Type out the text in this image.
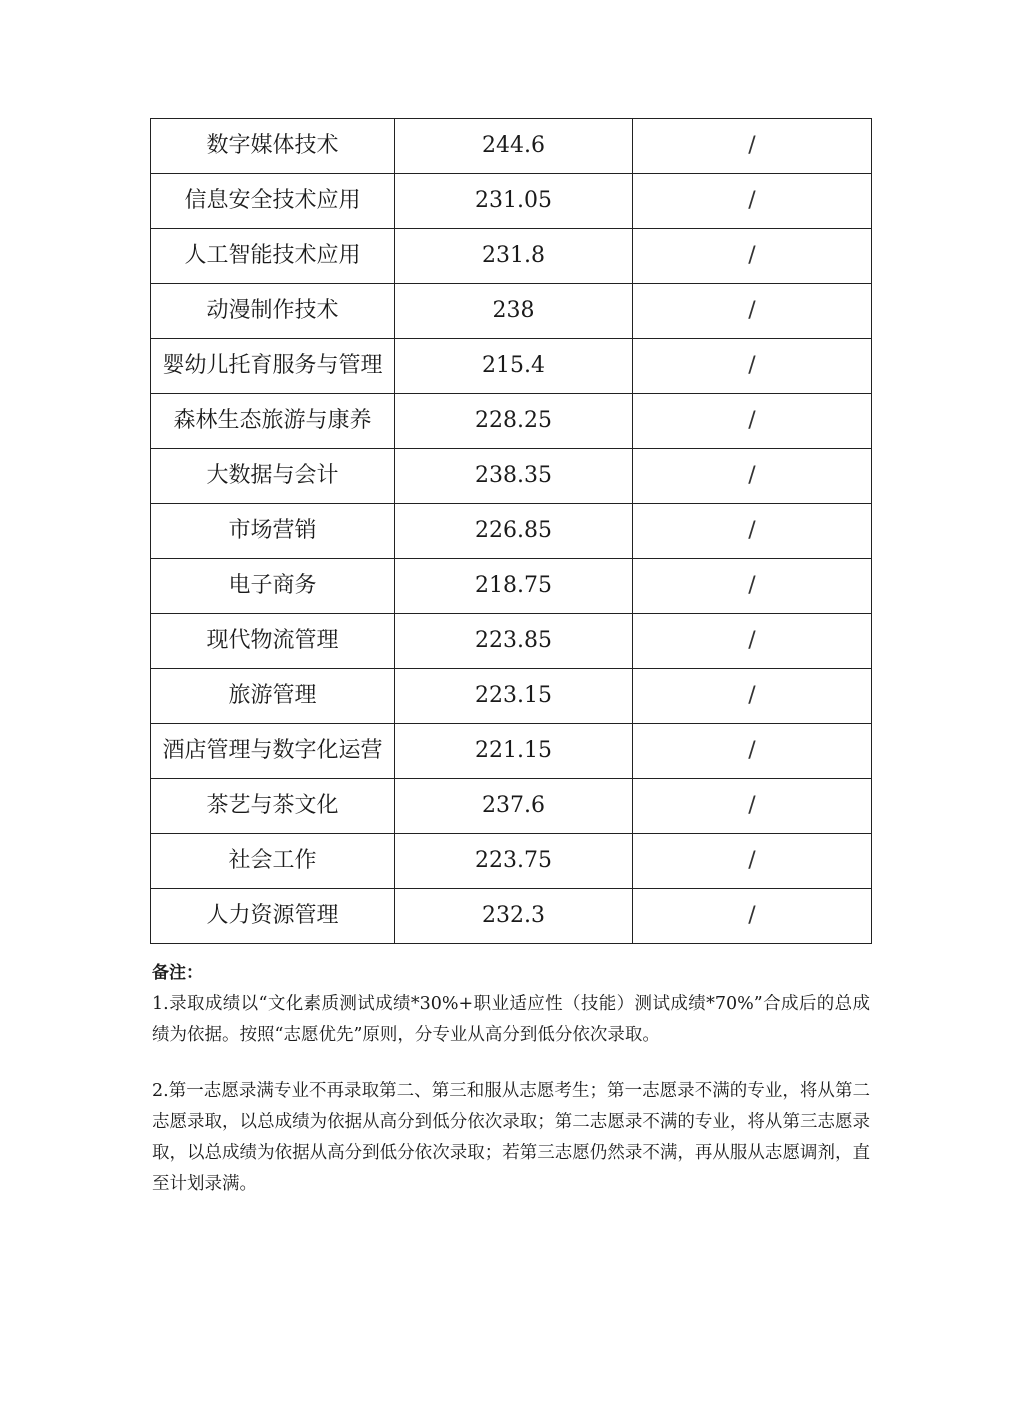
数字媒体技术	244.6	/
信息安全技术应用	231.05	/
人工智能技术应用	231.8	/
动漫制作技术	238	/
婴幼儿托育服务与管理	215.4	/
森林生态旅游与康养	228.25	/
大数据与会计	238.35	/
市场营销	226.85	/
电子商务	218.75	/
现代物流管理	223.85	/
旅游管理	223.15	/
酒店管理与数字化运营	221.15	/
茶艺与茶文化	237.6	/
社会工作	223.75	/
人力资源管理	232.3	/

备注：

1.录取成绩以“文化素质测试成绩*30%+职业适应性（技能）测试成绩*70%”合成后的总成绩为依据。按照“志愿优先”原则，分专业从高分到低分依次录取。

2.第一志愿录满专业不再录取第二、第三和服从志愿考生；第一志愿录不满的专业，将从第二志愿录取，以总成绩为依据从高分到低分依次录取；第二志愿录不满的专业，将从第三志愿录取，以总成绩为依据从高分到低分依次录取；若第三志愿仍然录不满，再从服从志愿调剂，直至计划录满。
